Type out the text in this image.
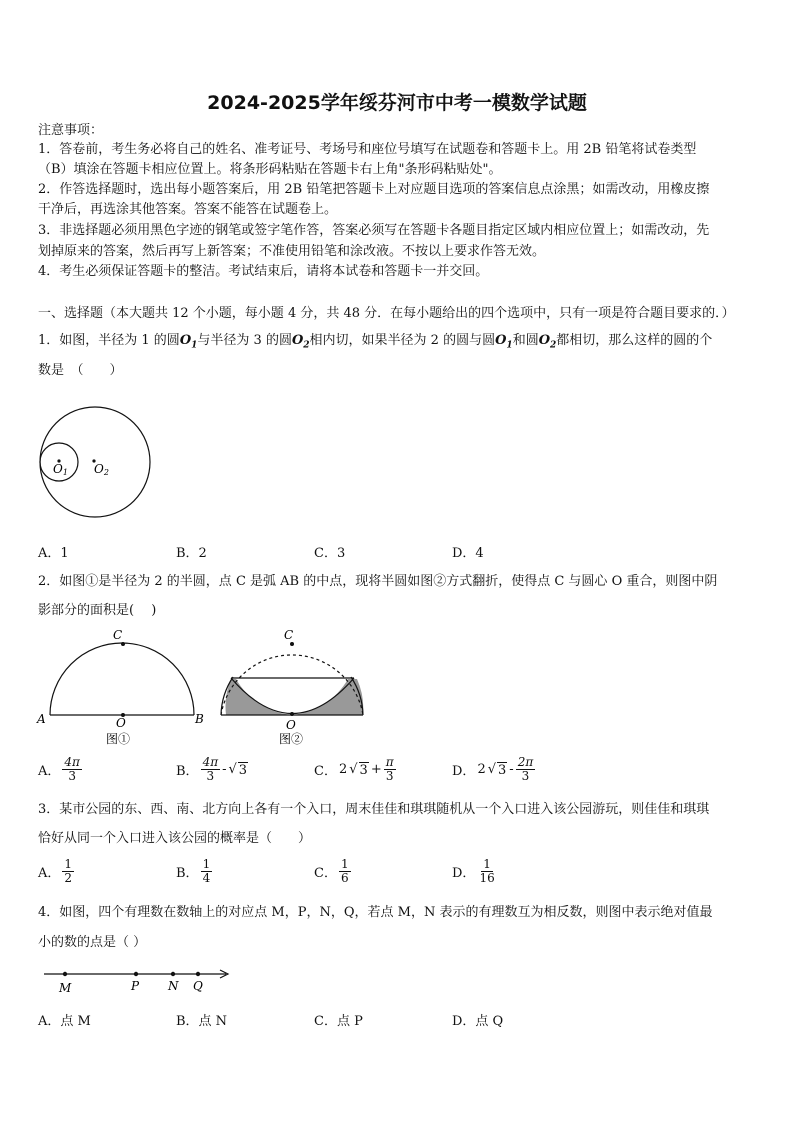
2024-2025学年绥芬河市中考一模数学试题
注意事项：
1．答卷前，考生务必将自己的姓名、准考证号、考场号和座位号填写在试题卷和答题卡上。用 2B 铅笔将试卷类型
（B）填涂在答题卡相应位置上。将条形码粘贴在答题卡右上角"条形码粘贴处"。
2．作答选择题时，选出每小题答案后，用 2B 铅笔把答题卡上对应题目选项的答案信息点涂黑；如需改动，用橡皮擦
干净后，再选涂其他答案。答案不能答在试题卷上。
3．非选择题必须用黑色字迹的钢笔或签字笔作答，答案必须写在答题卡各题目指定区域内相应位置上；如需改动，先
划掉原来的答案，然后再写上新答案；不准使用铅笔和涂改液。不按以上要求作答无效。
4．考生必须保证答题卡的整洁。考试结束后，请将本试卷和答题卡一并交回。
一、选择题（本大题共 12 个小题，每小题 4 分，共 48 分．在每小题给出的四个选项中，只有一项是符合题目要求的．）
1．如图，半径为 1 的圆$O_1$与半径为 3 的圆$O_2$相内切，如果半径为 2 的圆与圆$O_1$和圆$O_2$都相切，那么这样的圆的个
数是　（　　）
O1 O2
A．1	B．2	C．3	D．4
2．如图①是半径为 2 的半圆，点 C 是弧 AB 的中点，现将半圆如图②方式翻折，使得点 C 与圆心 O 重合，则图中阴
影部分的面积是(　 )
C
A	O	B
图①
C
O
图②
A． $\frac{4\pi}{3}$	B． $\frac{4\pi}{3}$ - √ 3	C． 2 √ $3 + \frac{\pi}{3}$	D． 2 √ $3 - \frac{2\pi}{3}$
3．某市公园的东、西、南、北方向上各有一个入口，周末佳佳和琪琪随机从一个入口进入该公园游玩，则佳佳和琪琪
恰好从同一个入口进入该公园的概率是（　　）
A． $\frac{1}{2}$	B． $\frac{1}{4}$	C． $\frac{1}{6}$	D． $\frac{1}{16}$
4．如图，四个有理数在数轴上的对应点 M，P，N，Q，若点 M，N 表示的有理数互为相反数，则图中表示绝对值最
小的数的点是（ ）
M	P N Q
A．点 M	B．点 N	C．点 P	D．点 Q
